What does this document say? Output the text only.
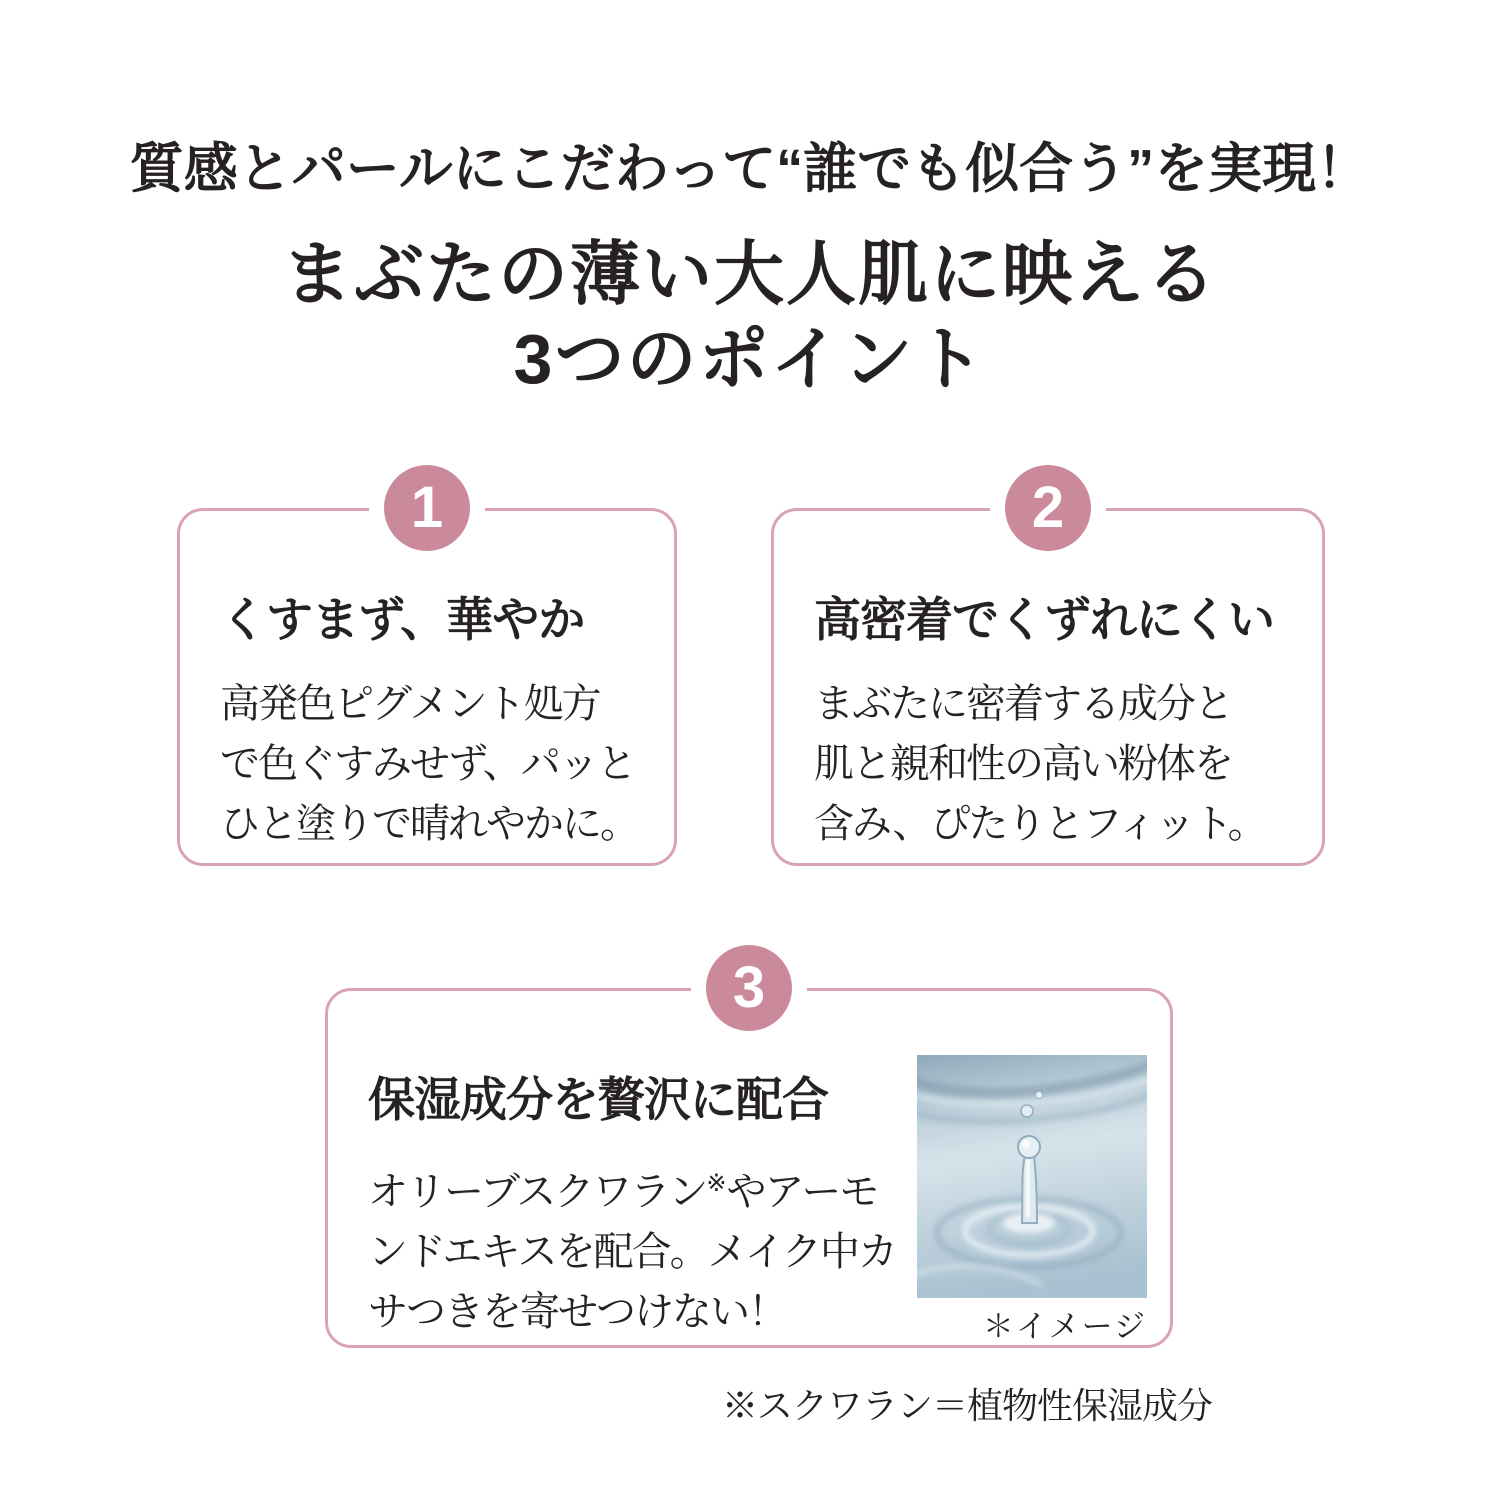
質感とパールにこだわって“誰でも似合う”を実現！
まぶたの薄い大人肌に映える
3つのポイント
1
くすまず、華やか
高発色ピグメント処方
で色ぐすみせず、パッと
ひと塗りで晴れやかに。
2
高密着でくずれにくい
まぶたに密着する成分と
肌と親和性の高い粉体を
含み、ぴたりとフィット。
3
保湿成分を贅沢に配合
オリーブスクワラン※やアーモ
ンドエキスを配合。メイク中カ
サつきを寄せつけない！	＊イメージ
※スクワラン＝植物性保湿成分
